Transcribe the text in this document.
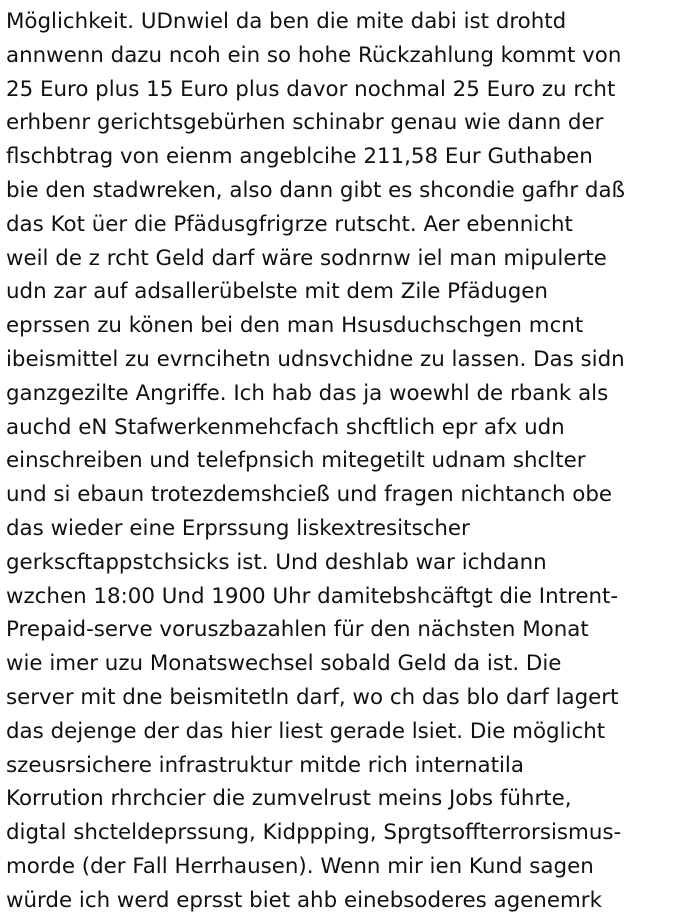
Möglichkeit. UDnwiel da ben die mite dabi ist drohtd
annwenn dazu ncoh ein so hohe Rückzahlung kommt von
25 Euro plus 15 Euro plus davor nochmal 25 Euro zu rcht
erhbenr gerichtsgebürhen schinabr genau wie dann der
flschbtrag von eienm angeblcihe 211,58 Eur Guthaben
bie den stadwreken, also dann gibt es shcondie gafhr daß
das Kot üer die Pfädusgfrigrze rutscht. Aer ebennicht
weil de z rcht Geld darf wäre sodnrnw iel man mipulerte
udn zar auf adsallerübelste mit dem Zile Pfädugen
eprssen zu könen bei den man Hsusduchschgen mcnt
ibeismittel zu evrncihetn udnsvchidne zu lassen. Das sidn
ganzgezilte Angriffe. Ich hab das ja woewhl de rbank als
auchd eN Stafwerkenmehcfach shcftlich epr afx udn
einschreiben und telefpnsich mitegetilt udnam shclter
und si ebaun trotezdemshcieß und fragen nichtanch obe
das wieder eine Erprssung liskextresitscher
gerkscftappstchsicks ist. Und deshlab war ichdann
wzchen 18:00 Und 1900 Uhr damitebshcäftgt die Intrent-
Prepaid-serve voruszbazahlen für den nächsten Monat
wie imer uzu Monatswechsel sobald Geld da ist. Die
server mit dne beismitetln darf, wo ch das blo darf lagert
das dejenge der das hier liest gerade lsiet. Die möglicht
szeusrsichere infrastruktur mitde rich internatila
Korrution rhrchcier die zumvelrust meins Jobs führte,
digtal shcteldeprssung, Kidppping, Sprgtsoffterrorsismus-
morde (der Fall Herrhausen). Wenn mir ien Kund sagen
würde ich werd eprsst biet ahb einebsoderes agenemrk
